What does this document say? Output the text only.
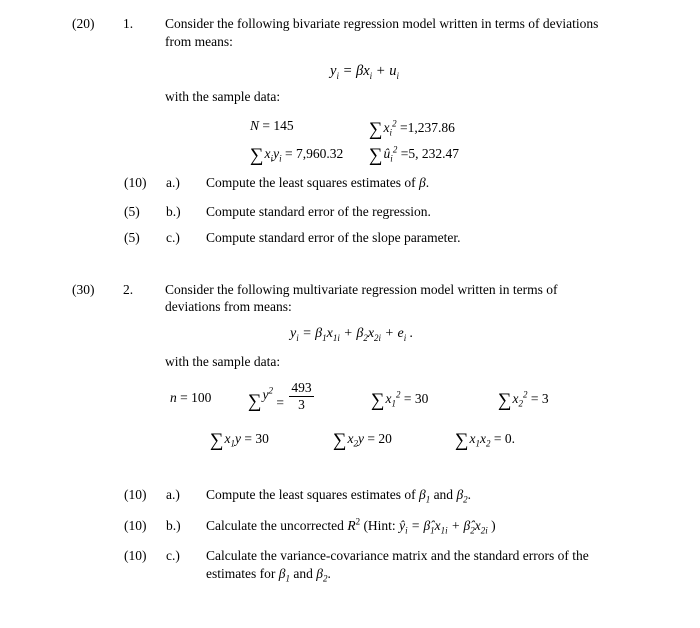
(20) 1. Consider the following bivariate regression model written in terms of deviations
from means:
$y_i = \beta x_i + u_i$
with the sample data:
N = 145	$\sum x_i^2 =1,237.86$
$\sum x_iy_i = 7,960.32$ $\sum û_i^2 =5$, 232.47
(10) a.) Compute the least squares estimates of β.
(5) b.) Compute standard error of the regression.
(5) c.) Compute standard error of the slope parameter.
(30) 2. Consider the following multivariate regression model written in terms of
deviations from means:
$y_i = \beta_1x_{1i} + \beta_2x_{2i} + e_i$ .
with the sample data:
n = 100 $\sum y^2 = \frac{493}{3}$	$\sum x_1^2 = 30$	$\sum x_2^2 = 3$
$\sum x_1y = 30$	$\sum x_2y = 20$	$\sum x_1x_2 = 0$.
(10) a.) Compute the least squares estimates of $\beta_1$ and $\beta_2$.
(10) b.) Calculate the uncorrected $R^2$ (Hint: $ŷ_i$ = $\betâ_1x_{1i}$ + $\betâ_2x_{2i}$ )
(10) c.) Calculate the variance-covariance matrix and the standard errors of the
estimates for $\beta_1$ and $\beta_2$.
